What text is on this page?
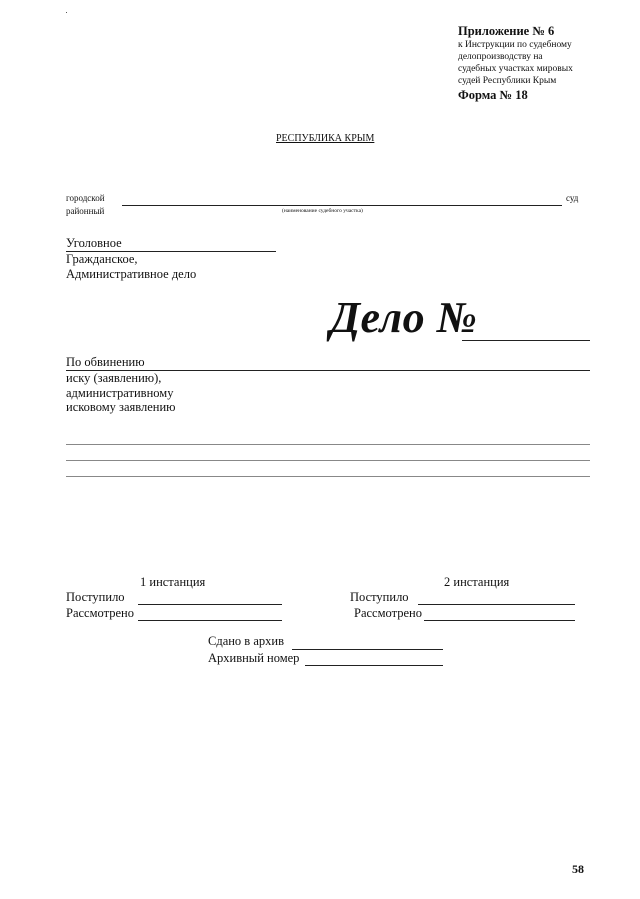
Приложение № 6
к Инструкции по судебному
делопроизводству на
судебных участках мировых
судей Республики Крым
Форма № 18
РЕСПУБЛИКА КРЫМ
городской	суд
районный	(наименование судебного участка)
Уголовное
Гражданское,
Административное дело
Дело №
По обвинению
иску (заявлению),
административному
исковому заявлению
1 инстанция
Поступило
Рассмотрено
2 инстанция
Поступило
Рассмотрено
Сдано в архив
Архивный номер
58
